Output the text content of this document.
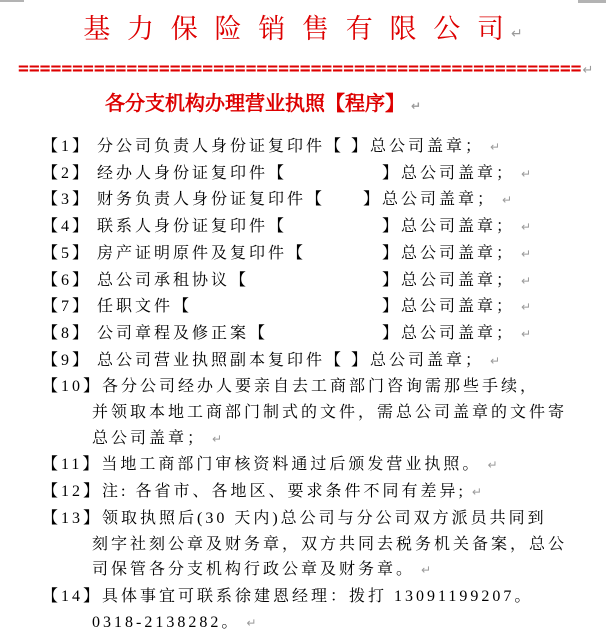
基 力 保 险 销 售 有 限 公 司 ↵
====================================================↵
各分支机构办理营业执照【程序】 ↵
【1】 分公司负责人身份证复印件【 】总公司盖章； ↵
【2】 经办人身份证复印件【　　　　　】总公司盖章； ↵
【3】 财务负责人身份证复印件【　　】总公司盖章； ↵
【4】 联系人身份证复印件【　　　　　】总公司盖章； ↵
【5】 房产证明原件及复印件【　　　　】总公司盖章； ↵
【6】 总公司承租协议【　　　　　　　】总公司盖章； ↵
【7】 任职文件【　　　　　　　　　　】总公司盖章； ↵
【8】 公司章程及修正案【　　　　　　】总公司盖章； ↵
【9】 总公司营业执照副本复印件【 】总公司盖章； ↵
【10】 各分公司经办人要亲自去工商部门咨询需那些手续，
并领取本地工商部门制式的文件，需总公司盖章的文件寄
总公司盖章； ↵
【11】 当地工商部门审核资料通过后颁发营业执照。 ↵
【12】 注: 各省市、各地区、要求条件不同有差异; ↵
【13】 领取执照后(30 天内)总公司与分公司双方派员共同到
刻字社刻公章及财务章，双方共同去税务机关备案，总公
司保管各分支机构行政公章及财务章。 ↵
【14】 具体事宜可联系徐建恩经理：拨打 13091199207。
0318-2138282。 ↵
